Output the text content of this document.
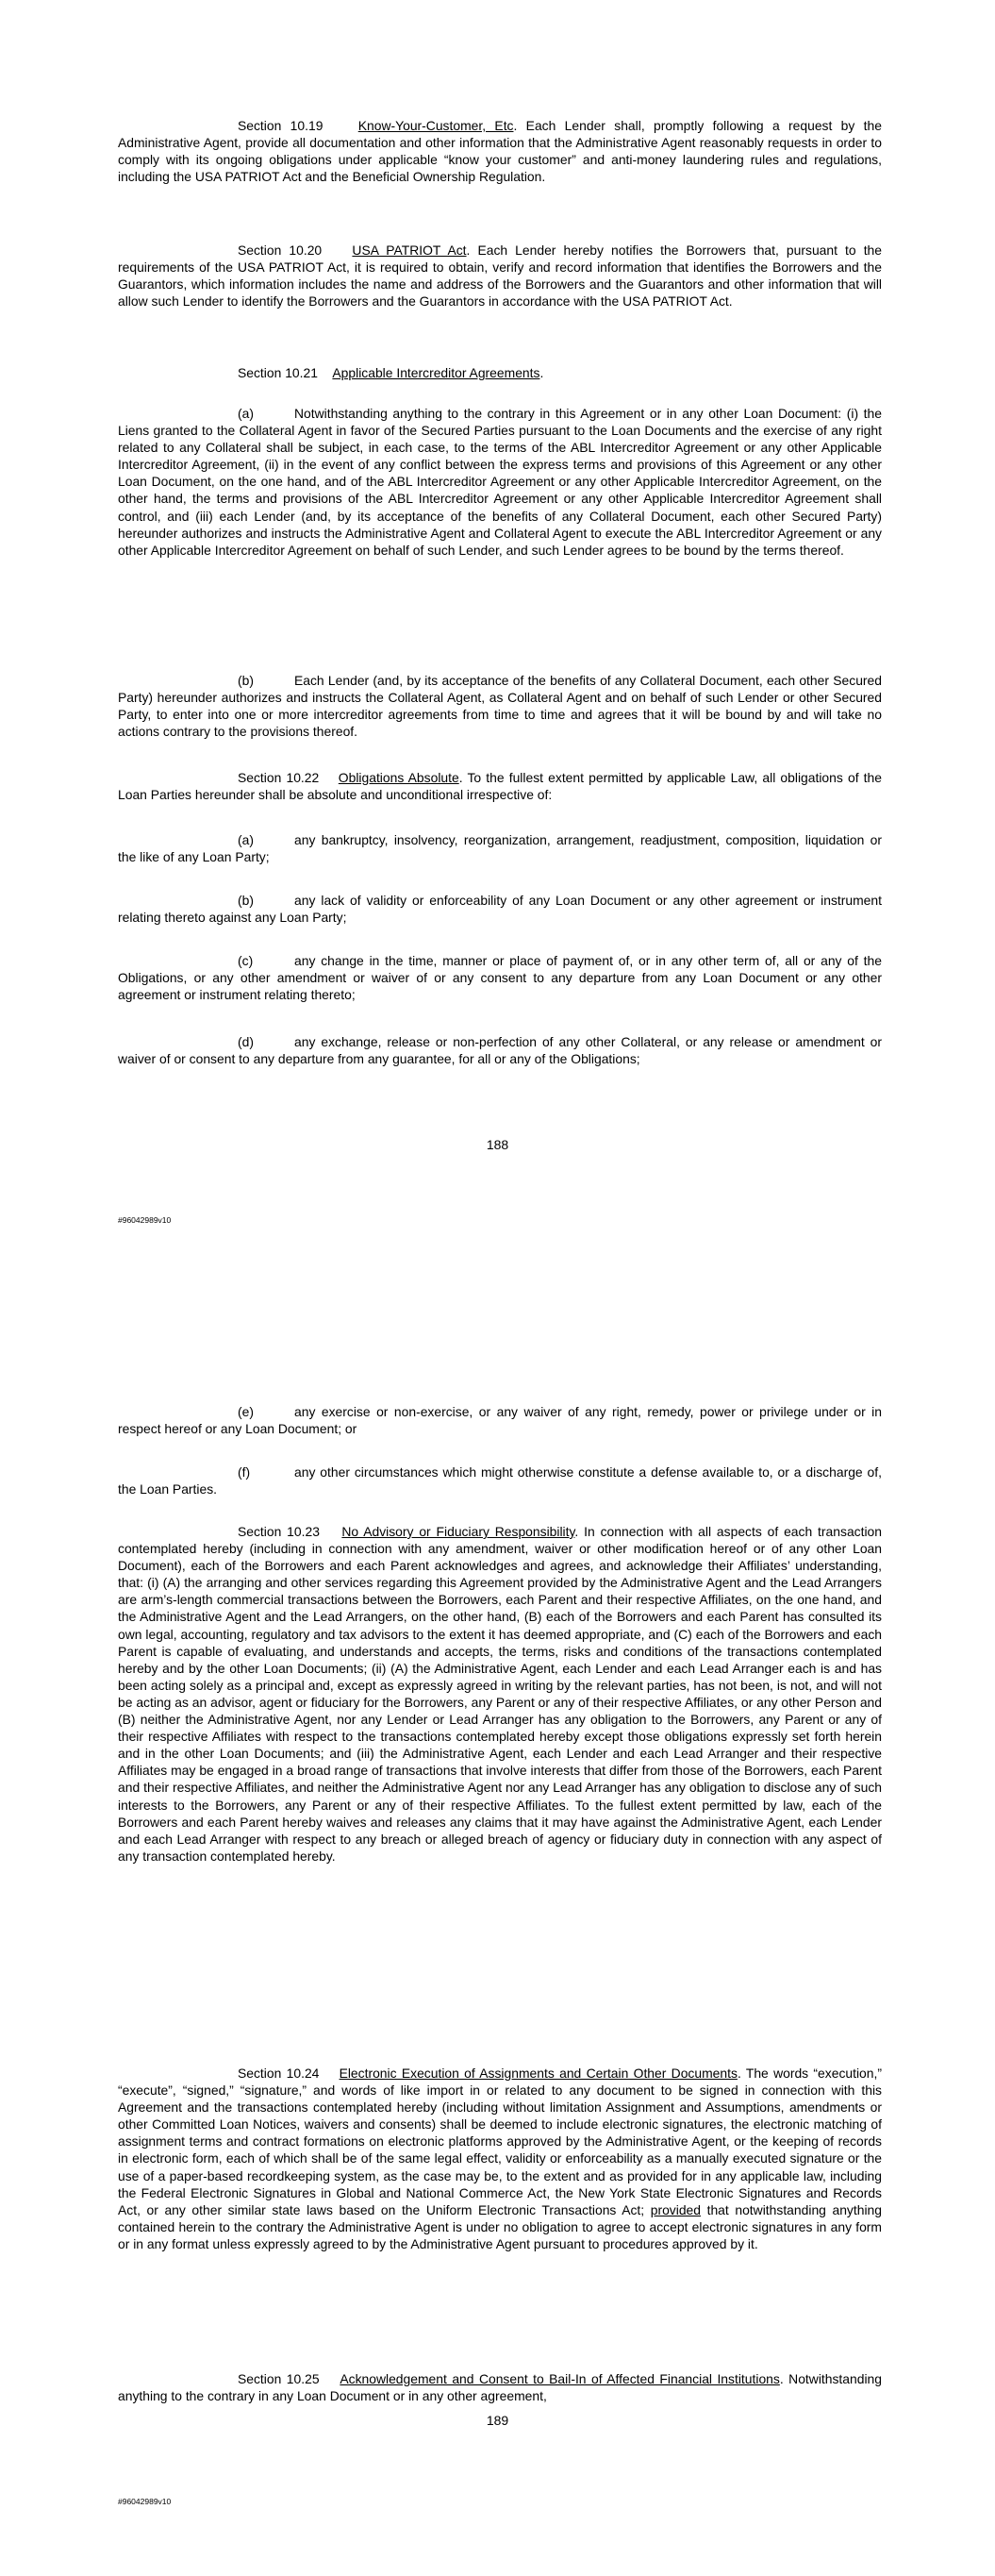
Section 10.19	Know-Your-Customer, Etc. Each Lender shall, promptly following a request by the Administrative Agent, provide all documentation and other information that the Administrative Agent reasonably requests in order to comply with its ongoing obligations under applicable “know your customer” and anti-money laundering rules and regulations, including the USA PATRIOT Act and the Beneficial Ownership Regulation.

Section 10.20 USA PATRIOT Act. Each Lender hereby notifies the Borrowers that, pursuant to the requirements of the USA PATRIOT Act, it is required to obtain, verify and record information that identifies the Borrowers and the Guarantors, which information includes the name and address of the Borrowers and the Guarantors and other information that will allow such Lender to identify the Borrowers and the Guarantors in accordance with the USA PATRIOT Act.

Section 10.21 Applicable Intercreditor Agreements.

(a)	Notwithstanding anything to the contrary in this Agreement or in any other Loan Document: (i) the Liens granted to the Collateral Agent in favor of the Secured Parties pursuant to the Loan Documents and the exercise of any right related to any Collateral shall be subject, in each case, to the terms of the ABL Intercreditor Agreement or any other Applicable Intercreditor Agreement, (ii) in the event of any conflict between the express terms and provisions of this Agreement or any other Loan Document, on the one hand, and of the ABL Intercreditor Agreement or any other Applicable Intercreditor Agreement, on the other hand, the terms and provisions of the ABL Intercreditor Agreement or any other Applicable Intercreditor Agreement shall control, and (iii) each Lender (and, by its acceptance of the benefits of any Collateral Document, each other Secured Party) hereunder authorizes and instructs the Administrative Agent and Collateral Agent to execute the ABL Intercreditor Agreement or any other Applicable Intercreditor Agreement on behalf of such Lender, and such Lender agrees to be bound by the terms thereof.

(b)	Each Lender (and, by its acceptance of the benefits of any Collateral Document, each other Secured Party) hereunder authorizes and instructs the Collateral Agent, as Collateral Agent and on behalf of such Lender or other Secured Party, to enter into one or more intercreditor agreements from time to time and agrees that it will be bound by and will take no actions contrary to the provisions thereof.

Section 10.22 Obligations Absolute. To the fullest extent permitted by applicable Law, all obligations of the Loan Parties hereunder shall be absolute and unconditional irrespective of:

(a)	any bankruptcy, insolvency, reorganization, arrangement, readjustment, composition, liquidation or the like of any Loan Party;

(b)	any lack of validity or enforceability of any Loan Document or any other agreement or instrument relating thereto against any Loan Party;

(c)	any change in the time, manner or place of payment of, or in any other term of, all or any of the Obligations, or any other amendment or waiver of or any consent to any departure from any Loan Document or any other agreement or instrument relating thereto;

(d)	any exchange, release or non-perfection of any other Collateral, or any release or amendment or waiver of or consent to any departure from any guarantee, for all or any of the Obligations;

188
#96042989v10

(e)	any exercise or non-exercise, or any waiver of any right, remedy, power or privilege under or in respect hereof or any Loan Document; or

(f)	any other circumstances which might otherwise constitute a defense available to, or a discharge of, the Loan Parties.

Section 10.23 No Advisory or Fiduciary Responsibility. In connection with all aspects of each transaction contemplated hereby (including in connection with any amendment, waiver or other modification hereof or of any other Loan Document), each of the Borrowers and each Parent acknowledges and agrees, and acknowledge their Affiliates’ understanding, that: (i) (A) the arranging and other services regarding this Agreement provided by the Administrative Agent and the Lead Arrangers are arm’s-length commercial transactions between the Borrowers, each Parent and their respective Affiliates, on the one hand, and the Administrative Agent and the Lead Arrangers, on the other hand, (B) each of the Borrowers and each Parent has consulted its own legal, accounting, regulatory and tax advisors to the extent it has deemed appropriate, and (C) each of the Borrowers and each Parent is capable of evaluating, and understands and accepts, the terms, risks and conditions of the transactions contemplated hereby and by the other Loan Documents; (ii) (A) the Administrative Agent, each Lender and each Lead Arranger each is and has been acting solely as a principal and, except as expressly agreed in writing by the relevant parties, has not been, is not, and will not be acting as an advisor, agent or fiduciary for the Borrowers, any Parent or any of their respective Affiliates, or any other Person and (B) neither the Administrative Agent, nor any Lender or Lead Arranger has any obligation to the Borrowers, any Parent or any of their respective Affiliates with respect to the transactions contemplated hereby except those obligations expressly set forth herein and in the other Loan Documents; and (iii) the Administrative Agent, each Lender and each Lead Arranger and their respective Affiliates may be engaged in a broad range of transactions that involve interests that differ from those of the Borrowers, each Parent and their respective Affiliates, and neither the Administrative Agent nor any Lead Arranger has any obligation to disclose any of such interests to the Borrowers, any Parent or any of their respective Affiliates. To the fullest extent permitted by law, each of the Borrowers and each Parent hereby waives and releases any claims that it may have against the Administrative Agent, each Lender and each Lead Arranger with respect to any breach or alleged breach of agency or fiduciary duty in connection with any aspect of any transaction contemplated hereby.

Section 10.24 Electronic Execution of Assignments and Certain Other Documents. The words “execution,” “execute”, “signed,” “signature,” and words of like import in or related to any document to be signed in connection with this Agreement and the transactions contemplated hereby (including without limitation Assignment and Assumptions, amendments or other Committed Loan Notices, waivers and consents) shall be deemed to include electronic signatures, the electronic matching of assignment terms and contract formations on electronic platforms approved by the Administrative Agent, or the keeping of records in electronic form, each of which shall be of the same legal effect, validity or enforceability as a manually executed signature or the use of a paper-based recordkeeping system, as the case may be, to the extent and as provided for in any applicable law, including the Federal Electronic Signatures in Global and National Commerce Act, the New York State Electronic Signatures and Records Act, or any other similar state laws based on the Uniform Electronic Transactions Act; provided that notwithstanding anything contained herein to the contrary the Administrative Agent is under no obligation to agree to accept electronic signatures in any form or in any format unless expressly agreed to by the Administrative Agent pursuant to procedures approved by it.

Section 10.25 Acknowledgement and Consent to Bail-In of Affected Financial Institutions. Notwithstanding anything to the contrary in any Loan Document or in any other agreement,

189
#96042989v10
